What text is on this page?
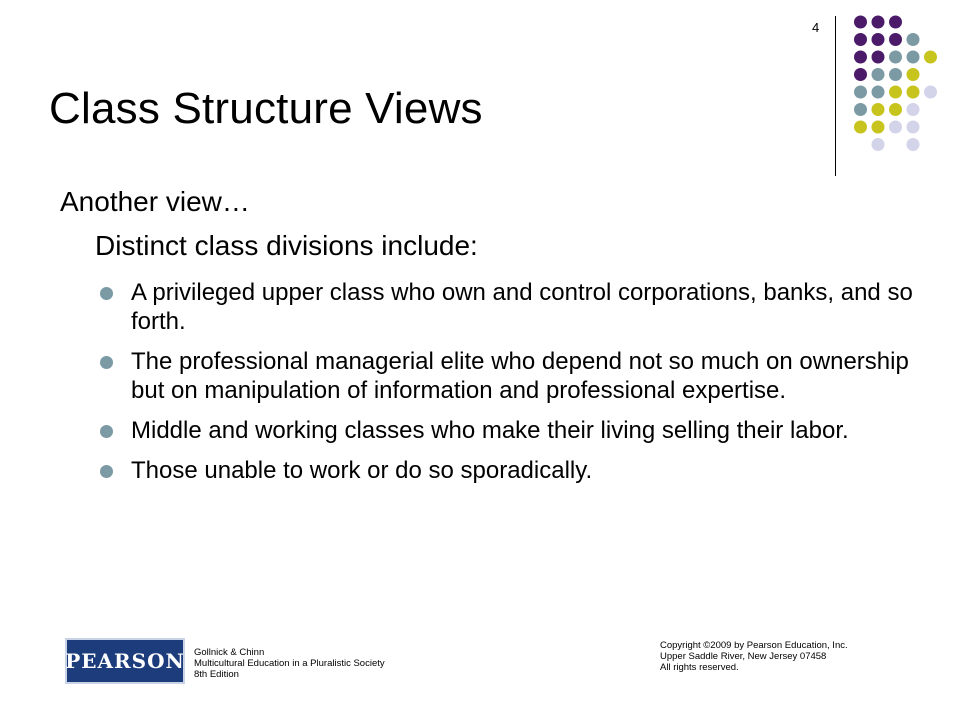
4
Class Structure Views
Another view…
Distinct class divisions include:
A privileged upper class who own and control corporations, banks, and so forth.
The professional managerial elite who depend not so much on ownership but on manipulation of information and professional expertise.
Middle and working classes who make their living selling their labor.
Those unable to work or do so sporadically.
PEARSON Gollnick & Chinn
Multicultural Education in a Pluralistic Society
8th Edition
Copyright ©2009 by Pearson Education, Inc.
Upper Saddle River, New Jersey 07458
All rights reserved.
